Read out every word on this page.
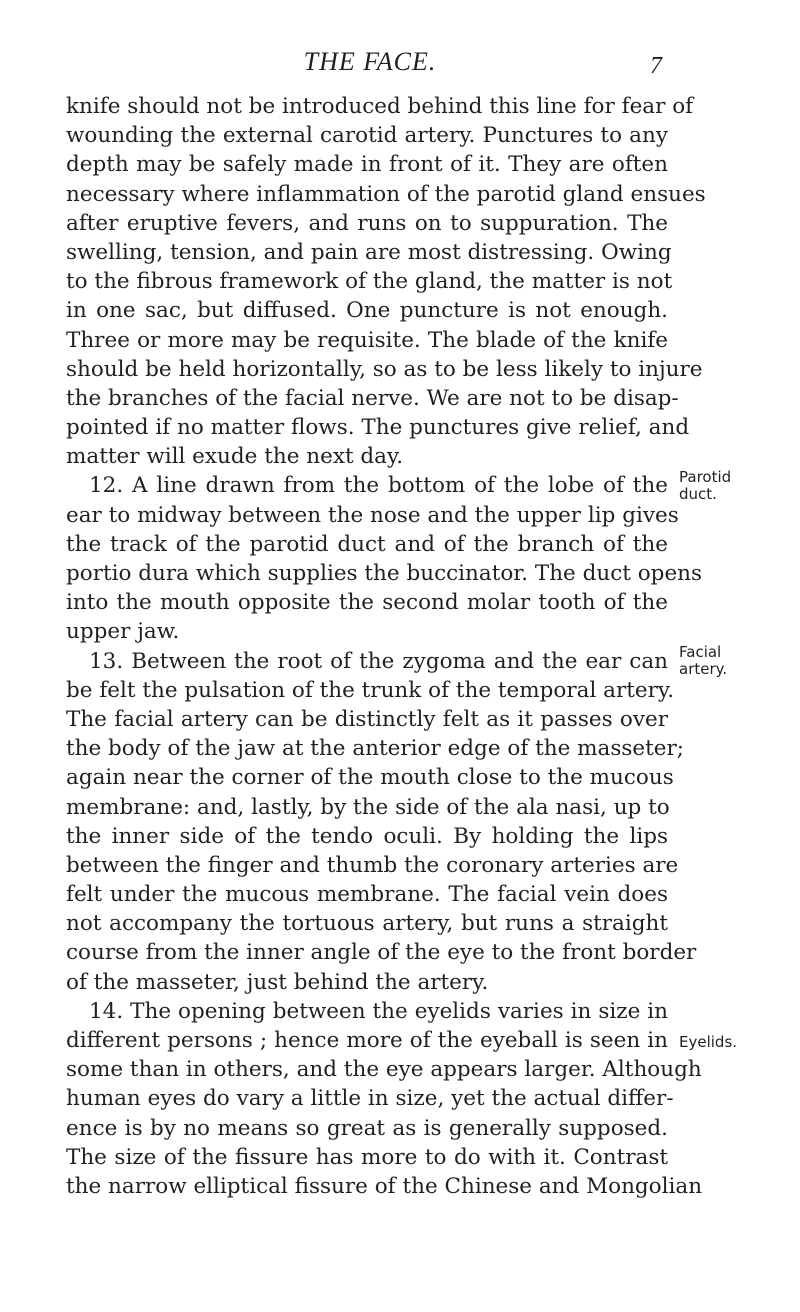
THE FACE.	7
knife should not be introduced behind this line for fear of
wounding the external carotid artery. Punctures to any
depth may be safely made in front of it. They are often
necessary where inflammation of the parotid gland ensues
after eruptive fevers, and runs on to suppuration. The
swelling, tension, and pain are most distressing. Owing
to the fibrous framework of the gland, the matter is not
in one sac, but diffused. One puncture is not enough.
Three or more may be requisite. The blade of the knife
should be held horizontally, so as to be less likely to injure
the branches of the facial nerve. We are not to be disap-
pointed if no matter flows. The punctures give relief, and
matter will exude the next day.
12. A line drawn from the bottom of the lobe of the
ear to midway between the nose and the upper lip gives
the track of the parotid duct and of the branch of the
portio dura which supplies the buccinator. The duct opens
into the mouth opposite the second molar tooth of the
upper jaw.
13. Between the root of the zygoma and the ear can
be felt the pulsation of the trunk of the temporal artery.
The facial artery can be distinctly felt as it passes over
the body of the jaw at the anterior edge of the masseter;
again near the corner of the mouth close to the mucous
membrane: and, lastly, by the side of the ala nasi, up to
the inner side of the tendo oculi. By holding the lips
between the finger and thumb the coronary arteries are
felt under the mucous membrane. The facial vein does
not accompany the tortuous artery, but runs a straight
course from the inner angle of the eye to the front border
of the masseter, just behind the artery.
14. The opening between the eyelids varies in size in
different persons ; hence more of the eyeball is seen in
some than in others, and the eye appears larger. Although
human eyes do vary a little in size, yet the actual differ-
ence is by no means so great as is generally supposed.
The size of the fissure has more to do with it. Contrast
the narrow elliptical fissure of the Chinese and Mongolian
Parotid
duct.
Facial
artery.
Eyelids.
